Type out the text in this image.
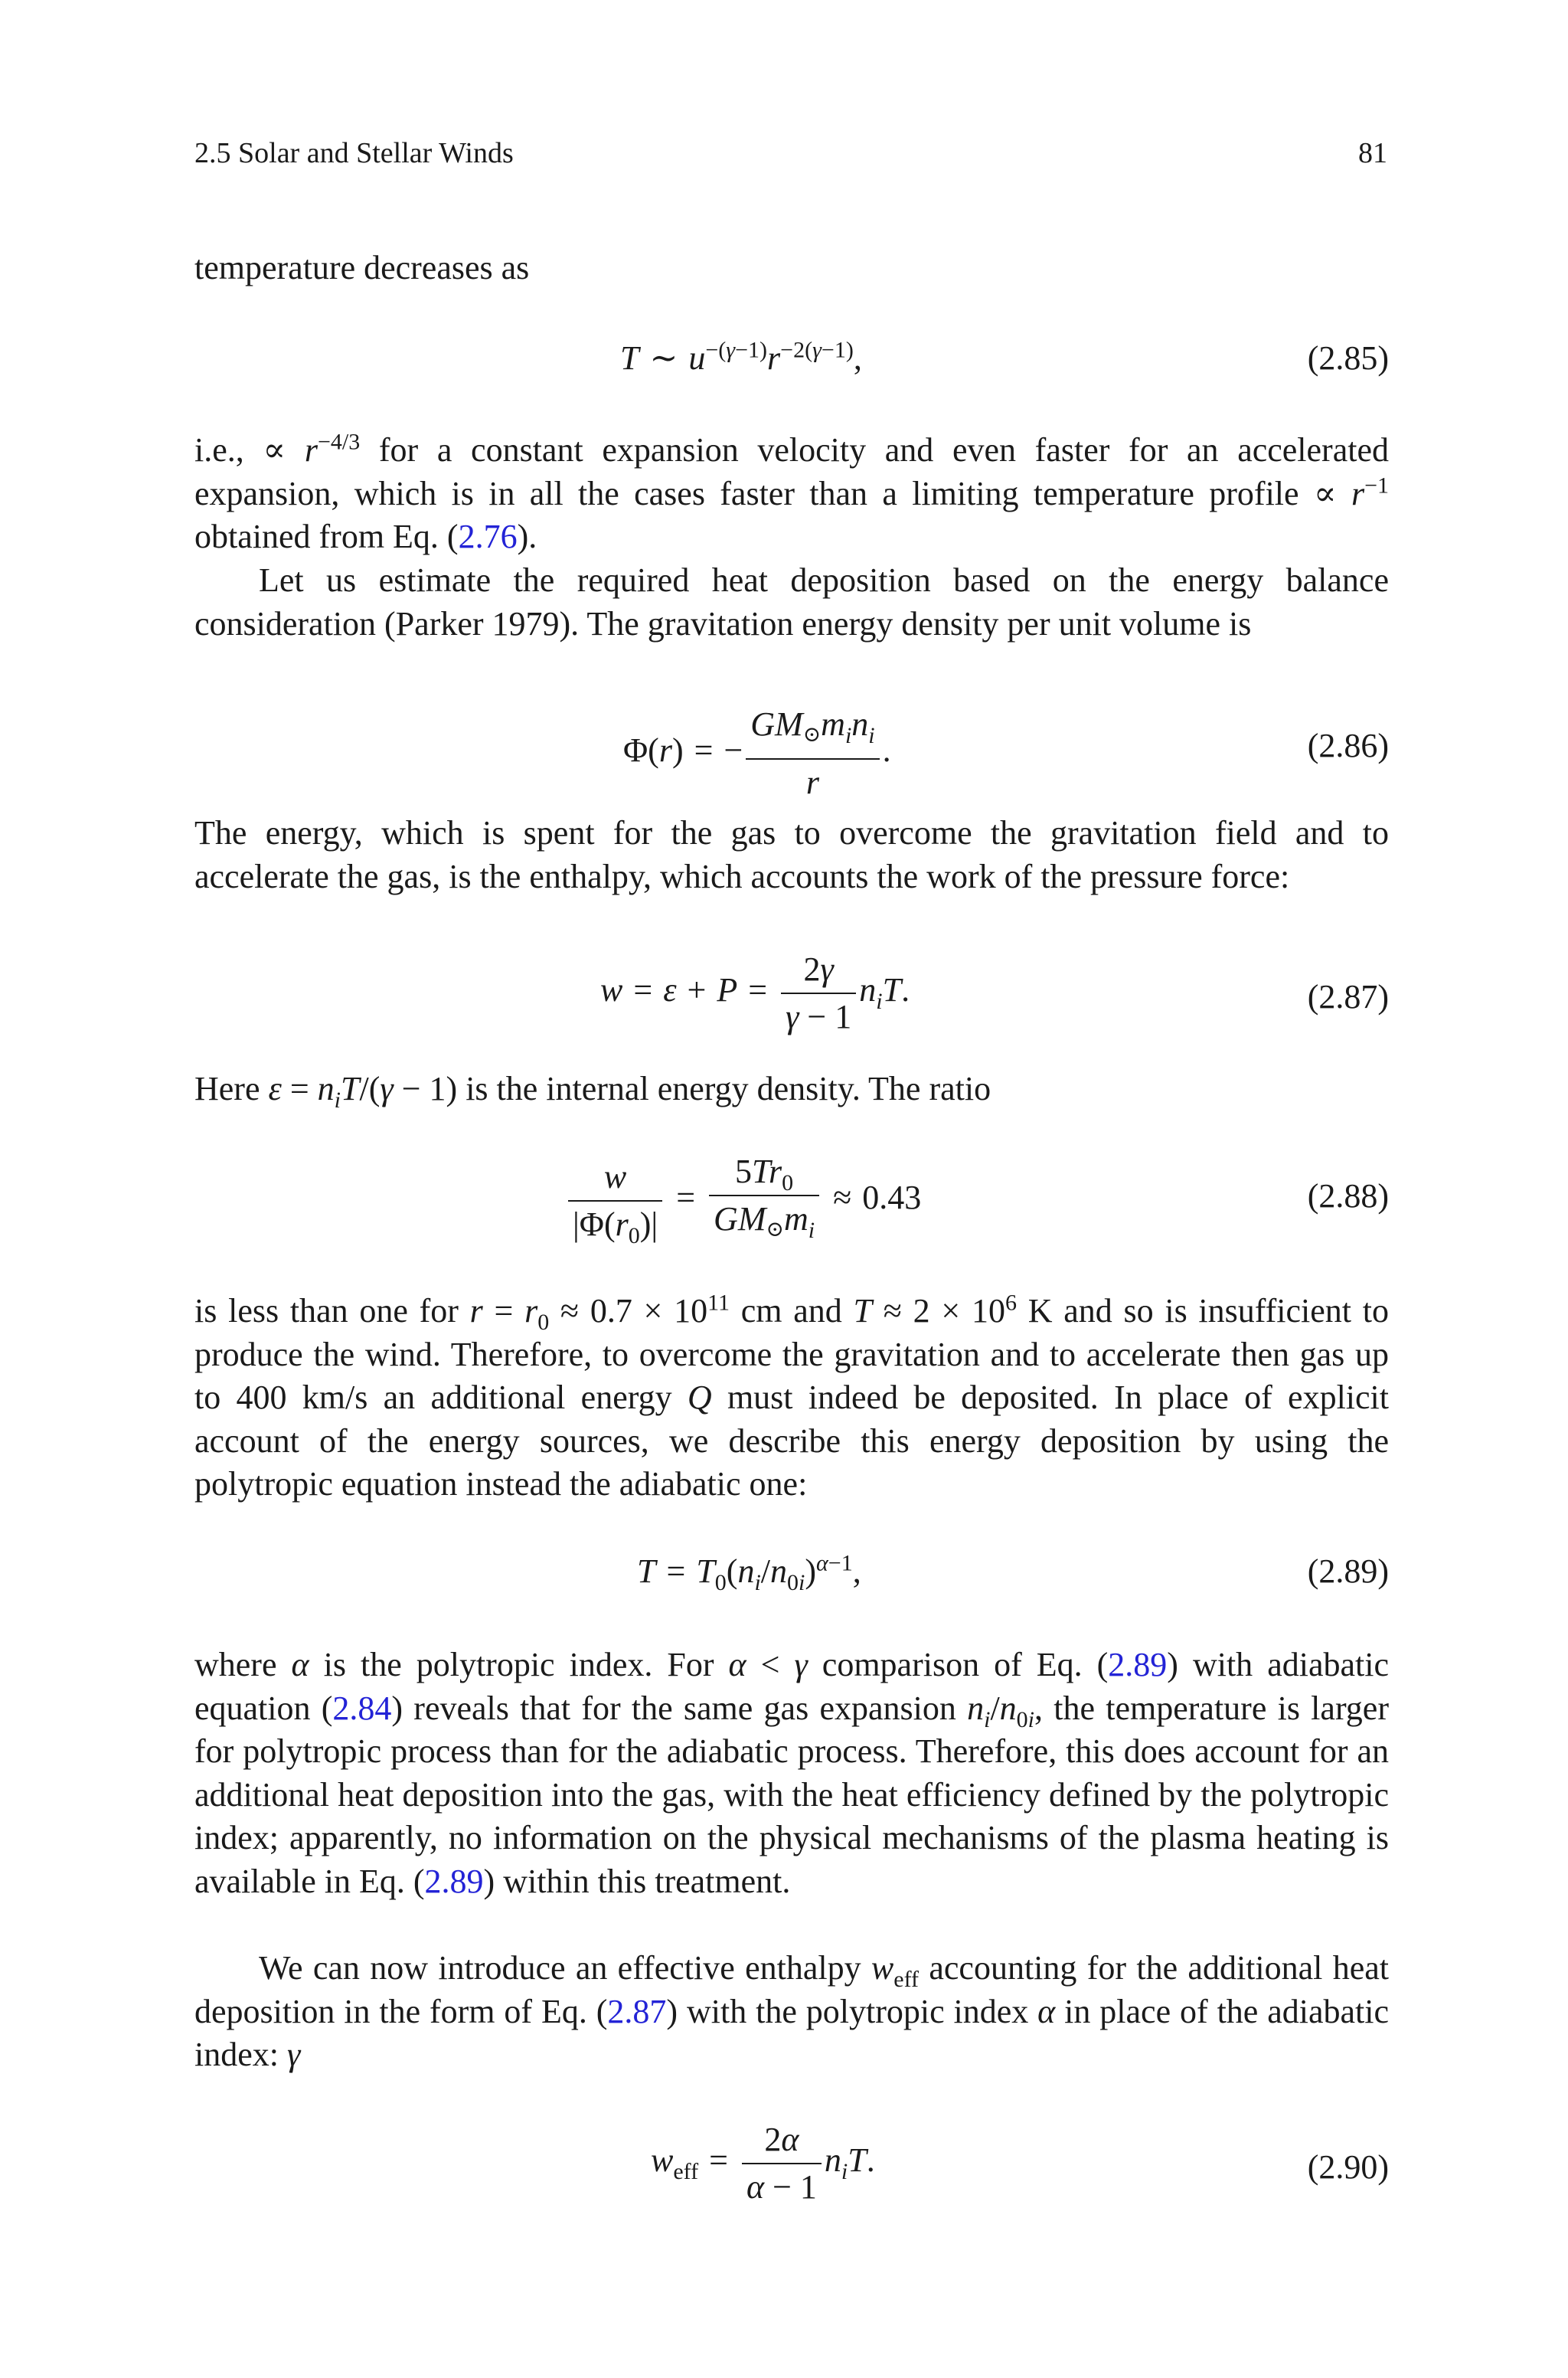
2.5 Solar and Stellar Winds	81

temperature decreases as

T ∼ $u^{-(\gamma-1)}r^{-2(\gamma-1)}$,	(2.85)

i.e., ∝ $r^{-4/3}$ for a constant expansion velocity and even faster for an accelerated expansion, which is in all the cases faster than a limiting temperature profile ∝ $r^{-1}$ obtained from Eq. (2.76).

Let us estimate the required heat deposition based on the energy balance consideration (Parker 1979). The gravitation energy density per unit volume is

Φ(r) = − $\frac{GM⊙m_in_i}{r}$ .	(2.86)

The energy, which is spent for the gas to overcome the gravitation field and to accelerate the gas, is the enthalpy, which accounts the work of the pressure force:

$w = \varepsilon + P = \frac{2\gamma}{\gamma - 1} n_iT$.	(2.87)

Here $\varepsilon = n_iT/(\gamma - 1)$ is the internal energy density. The ratio

$\frac{w}{|\Phi(r_0)|} = \frac{5Tr_0}{GM⊙m_i} \approx 0.43$	(2.88)

is less than one for $r = r_0 \approx 0.7 \times 10^{11}$ cm and $T \approx 2 \times 10^6$ K and so is insufficient to produce the wind. Therefore, to overcome the gravitation and to accelerate then gas up to 400 km/s an additional energy Q must indeed be deposited. In place of explicit account of the energy sources, we describe this energy deposition by using the polytropic equation instead the adiabatic one:

$T = T_0(n_i/n_{0i})^{\alpha-1}$,	(2.89)

where α is the polytropic index. For α < γ comparison of Eq. (2.89) with adiabatic equation (2.84) reveals that for the same gas expansion $n_i/n_{0i}$, the temperature is larger for polytropic process than for the adiabatic process. Therefore, this does account for an additional heat deposition into the gas, with the heat efficiency defined by the polytropic index; apparently, no information on the physical mechanisms of the plasma heating is available in Eq. (2.89) within this treatment.

We can now introduce an effective enthalpy $w_{eff}$ accounting for the additional heat deposition in the form of Eq. (2.87) with the polytropic index α in place of the adiabatic index: γ

$w_{eff} = \frac{2\alpha}{\alpha - 1} n_iT$.	(2.90)
